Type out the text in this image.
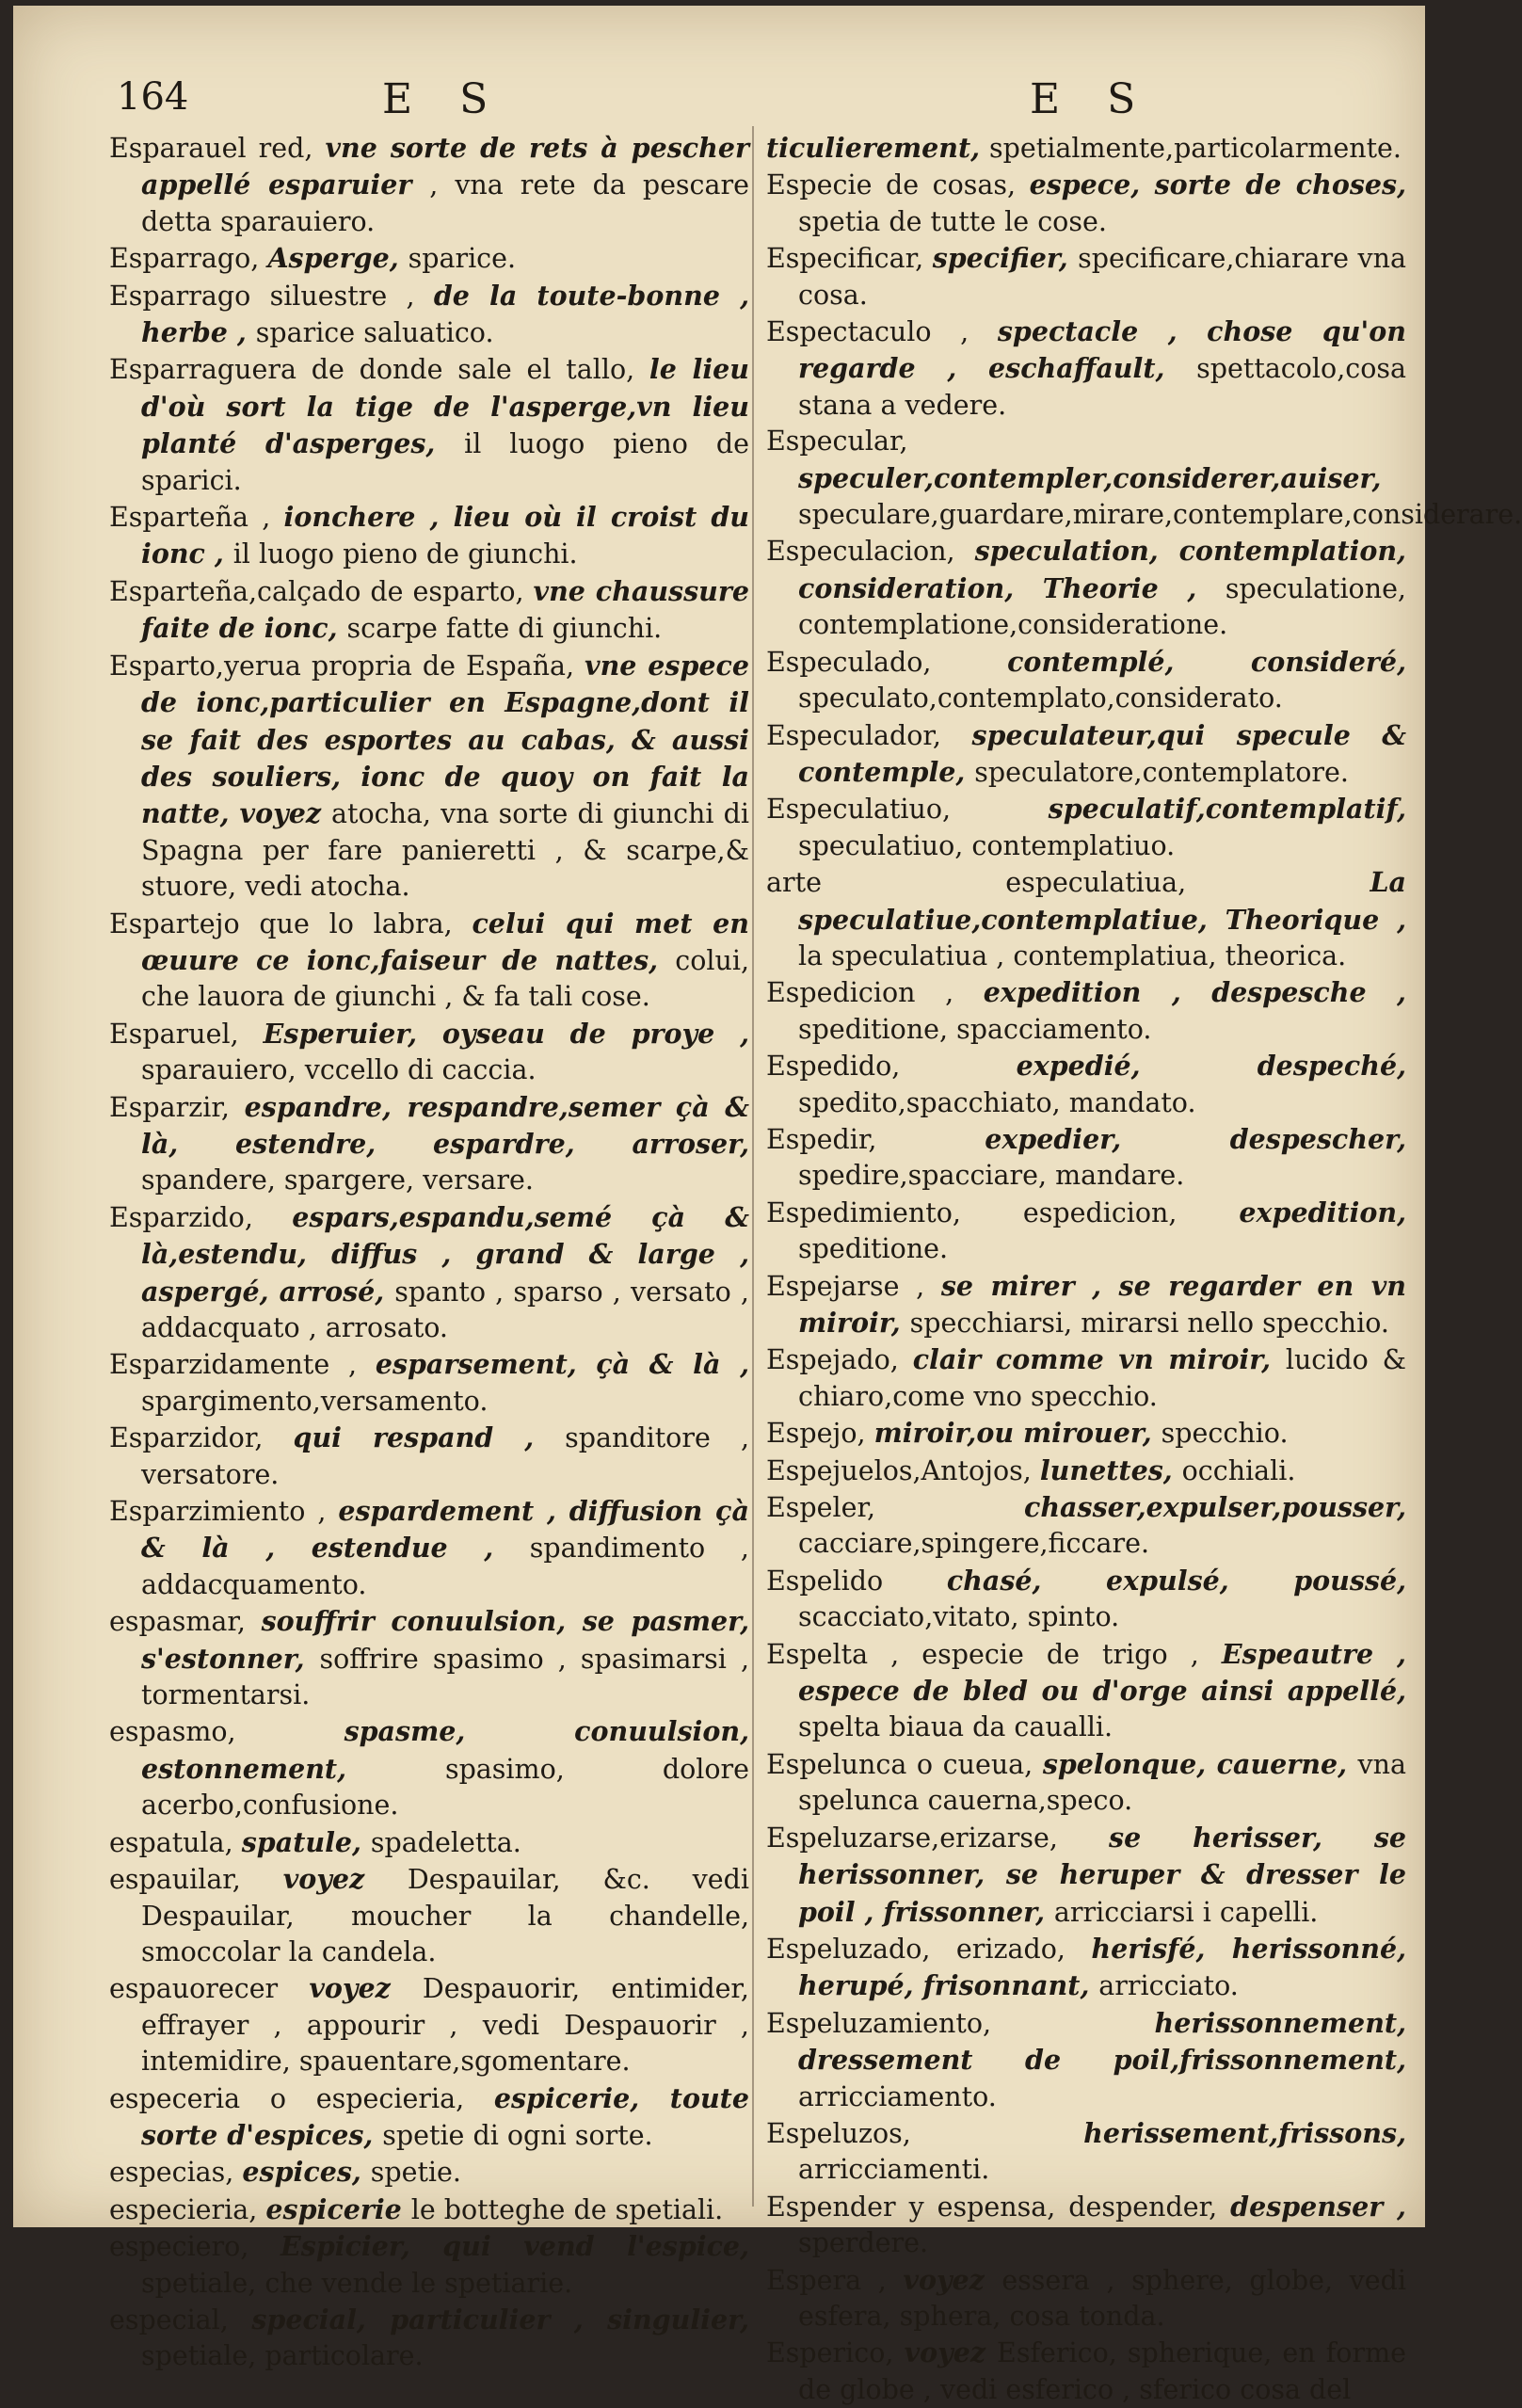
164	E S	E S

Esparauel red, vne sorte de rets à pescher appellé esparuier , vna rete da pescare detta sparauiero.

Esparrago, Asperge, sparice.

Esparrago siluestre , de la toute-bonne , herbe , sparice saluatico.

Esparraguera de donde sale el tallo, le lieu d'où sort la tige de l'asperge,vn lieu planté d'asperges, il luogo pieno de sparici.

Esparteña , ionchere , lieu où il croist du ionc , il luogo pieno de giunchi.

Esparteña,calçado de esparto, vne chaussure faite de ionc, scarpe fatte di giunchi.

Esparto,yerua propria de España, vne espece de ionc,particulier en Espagne,dont il se fait des esportes au cabas, & aussi des souliers, ionc de quoy on fait la natte, voyez atocha, vna sorte di giunchi di Spagna per fare panieretti , & scarpe,& stuore, vedi atocha.

Espartejo que lo labra, celui qui met en œuure ce ionc,faiseur de nattes, colui, che lauora de giunchi , & fa tali cose.

Esparuel, Esperuier, oyseau de proye , sparauiero, vccello di caccia.

Esparzir, espandre, respandre,semer çà & là, estendre, espardre, arroser, spandere, spargere, versare.

Esparzido, espars,espandu,semé çà & là,estendu, diffus , grand & large , aspergé, arrosé, spanto , sparso , versato , addacquato , arrosato.

Esparzidamente , esparsement, çà & là , spargimento,versamento.

Esparzidor, qui respand , spanditore , versatore.

Esparzimiento , espardement , diffusion çà & là , estendue , spandimento , addacquamento.

espasmar, souffrir conuulsion, se pasmer, s'estonner, soffrire spasimo , spasimarsi , tormentarsi.

espasmo, spasme, conuulsion, estonnement, spasimo, dolore acerbo,confusione.

espatula, spatule, spadeletta.

espauilar, voyez Despauilar, &c. vedi Despauilar, moucher la chandelle, smoccolar la candela.

espauorecer voyez Despauorir, entimider, effrayer , appourir , vedi Despauorir , intemidire, spauentare,sgomentare.

especeria o especieria, espicerie, toute sorte d'espices, spetie di ogni sorte.

especias, espices, spetie.

especieria, espicerie le botteghe de spetiali.

especiero, Espicier, qui vend l'espice, spetiale, che vende le spetiarie.

especial, special, particulier , singulier, spetiale, particolare.

ticulierement, spetialmente,particolarmente.

Especie de cosas, espece, sorte de choses, spetia de tutte le cose.

Especificar, specifier, specificare,chiarare vna cosa.

Espectaculo , spectacle , chose qu'on regarde , eschaffault, spettacolo,cosa stana a vedere.

Especular, speculer,contempler,considerer,auiser, speculare,guardare,mirare,contemplare,considerare.

Especulacion, speculation, contemplation, consideration, Theorie , speculatione, contemplatione,consideratione.

Especulado, contemplé, consideré, speculato,contemplato,considerato.

Especulador, speculateur,qui specule & contemple, speculatore,contemplatore.

Especulatiuo, speculatif,contemplatif, speculatiuo, contemplatiuo.

arte especulatiua, La speculatiue,contemplatiue, Theorique , la speculatiua , contemplatiua, theorica.

Espedicion , expedition , despesche , speditione, spacciamento.

Espedido, expedié, despeché, spedito,spacchiato, mandato.

Espedir, expedier, despescher, spedire,spacciare, mandare.

Espedimiento, espedicion, expedition, speditione.

Espejarse , se mirer , se regarder en vn miroir, specchiarsi, mirarsi nello specchio.

Espejado, clair comme vn miroir, lucido & chiaro,come vno specchio.

Espejo, miroir,ou mirouer, specchio.

Espejuelos,Antojos, lunettes, occhiali.

Espeler, chasser,expulser,pousser, cacciare,spingere,ficcare.

Espelido chasé, expulsé, poussé, scacciato,vitato, spinto.

Espelta , especie de trigo , Espeautre , espece de bled ou d'orge ainsi appellé, spelta biaua da caualli.

Espelunca o cueua, spelonque, cauerne, vna spelunca cauerna,speco.

Espeluzarse,erizarse, se herisser, se herissonner, se heruper & dresser le poil , frissonner, arricciarsi i capelli.

Espeluzado, erizado, herisfé, herissonné, herupé, frisonnant, arricciato.

Espeluzamiento, herissonnement, dressement de poil,frissonnement, arricciamento.

Espeluzos, herissement,frissons, arricciamenti.

Espender y espensa, despender, despenser , sperdere.

Espera , voyez essera , sphere, globe, vedi esfera, sphera, cosa tonda.

Esperico, voyez Esferico, spherique, en forme de globe , vedi esferico , sferico cosa del
